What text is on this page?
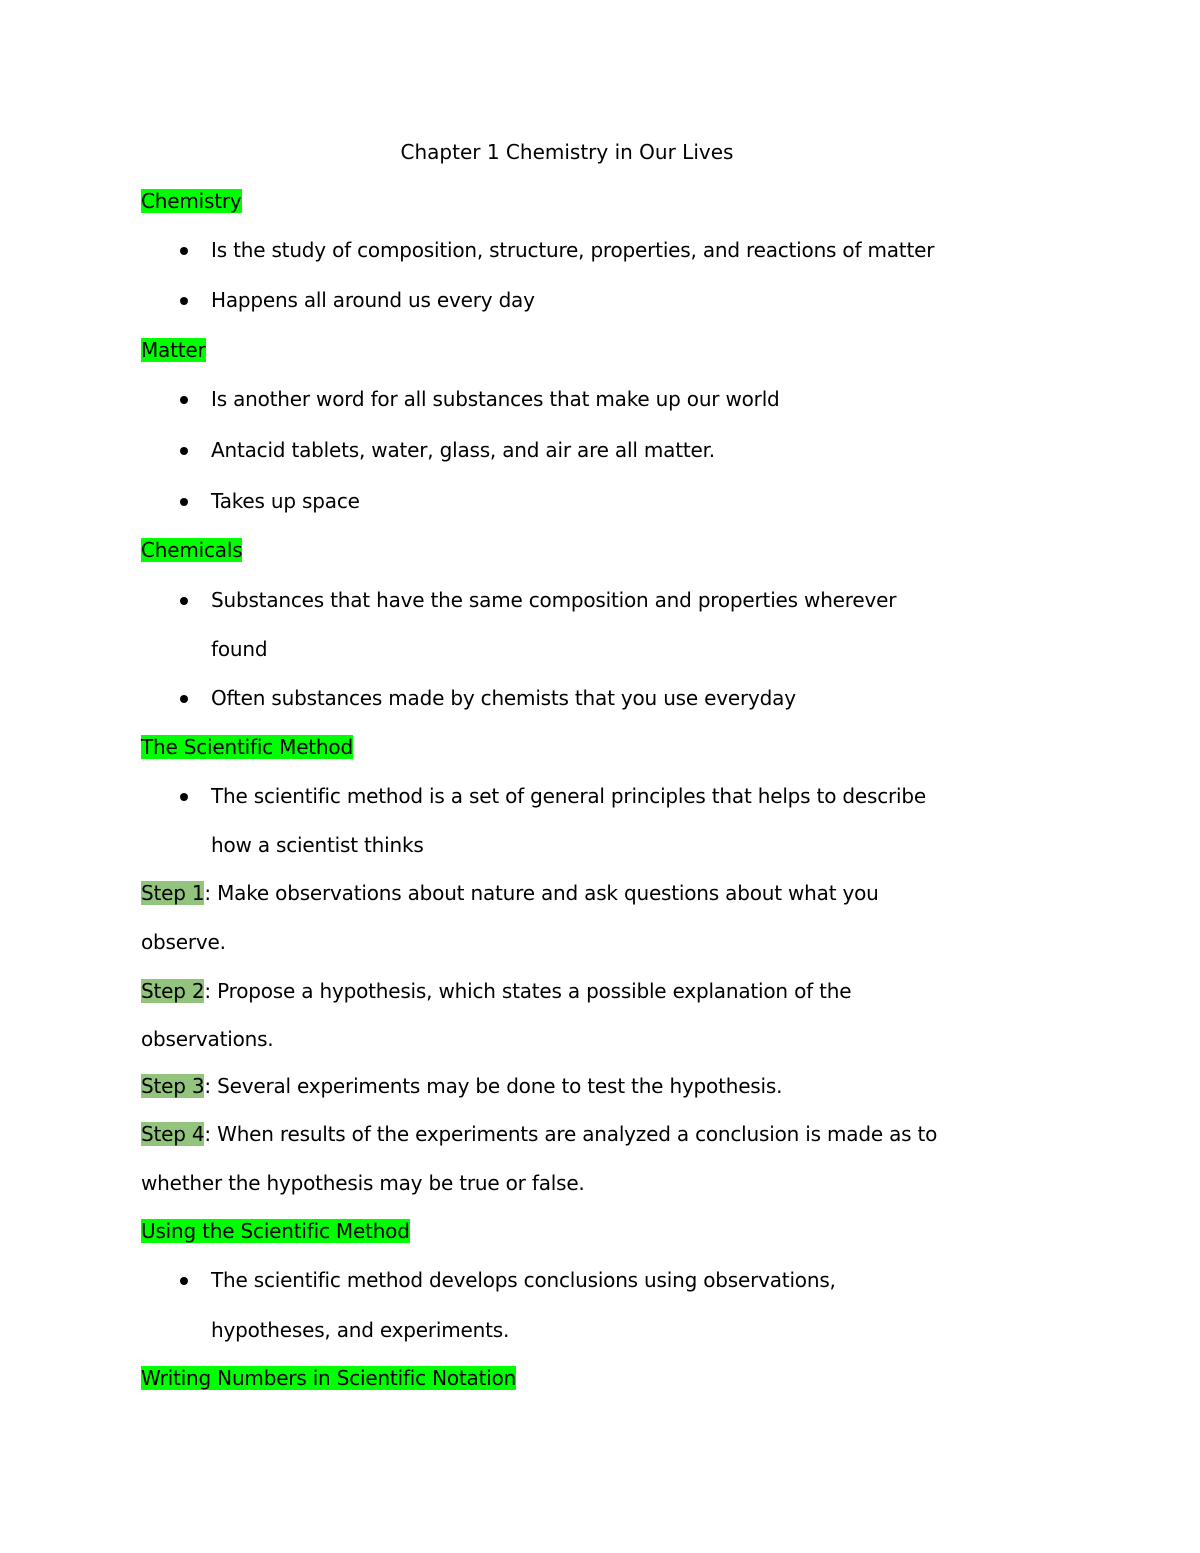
Chapter 1 Chemistry in Our Lives
Chemistry
Is the study of composition, structure, properties, and reactions of matter
Happens all around us every day
Matter
Is another word for all substances that make up our world
Antacid tablets, water, glass, and air are all matter.
Takes up space
Chemicals
Substances that have the same composition and properties wherever
found
Often substances made by chemists that you use everyday
The Scientific Method
The scientific method is a set of general principles that helps to describe
how a scientist thinks
Step 1: Make observations about nature and ask questions about what you
observe.
Step 2: Propose a hypothesis, which states a possible explanation of the
observations.
Step 3: Several experiments may be done to test the hypothesis.
Step 4: When results of the experiments are analyzed a conclusion is made as to
whether the hypothesis may be true or false.
Using the Scientific Method
The scientific method develops conclusions using observations,
hypotheses, and experiments.
Writing Numbers in Scientific Notation
